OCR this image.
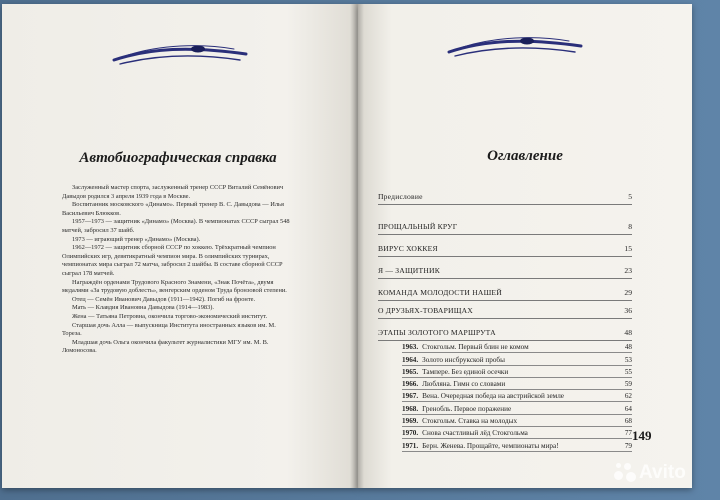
Автобиографическая справка

Заслуженный мастер спорта, заслуженный тренер СССР Виталий Семёнович Давыдов родился 3 апреля 1939 года в Москве.

Воспитанник московского «Динамо». Первый тренер В. С. Давыдова — Илья Васильевич Блюкков.

1957—1973 — защитник «Динамо» (Москва). В чемпионатах СССР сыграл 548 матчей, забросил 37 шайб.

1973 — играющий тренер «Динамо» (Москва).

1962—1972 — защитник сборной СССР по хоккею. Трёхкратный чемпион Олимпийских игр, девятикратный чемпион мира. В олимпийских турнирах, чемпионатах мира сыграл 72 матча, забросил 2 шайбы. В составе сборной СССР сыграл 178 матчей.

Награждён орденами Трудового Красного Знамени, «Знак Почёта», двумя медалями «За трудовую доблесть», венгерским орденом Труда бронзовой степени.

Отец — Семён Иванович Давыдов (1911—1942). Погиб на фронте.

Мать — Клавдия Ивановна Давыдова (1914—1983).

Жена — Татьяна Петровна, окончила торгово-экономический институт.

Старшая дочь Алла — выпускница Института иностранных языков им. М. Тореза.

Младшая дочь Ольга окончила факультет журналистики МГУ им. М. В. Ломоносова.

Оглавление
Предисловие	5
ПРОЩАЛЬНЫЙ КРУГ	8
ВИРУС ХОККЕЯ	15
Я — ЗАЩИТНИК	23
КОМАНДА МОЛОДОСТИ НАШЕЙ	29
О ДРУЗЬЯХ-ТОВАРИЩАХ	36
ЭТАПЫ ЗОЛОТОГО МАРШРУТА	48
1963. Стокгольм. Первый блин не комом	48
1964. Золото инсбрукской пробы	53
1965. Тампере. Без единой осечки	55
1966. Любляна. Гимн со словами	59
1967. Вена. Очередная победа на австрийской земле	62
1968. Гренобль. Первое поражение	64
1969. Стокгольм. Ставка на молодых	68
1970. Снова счастливый лёд Стокгольма	77
1971. Берн. Женева. Прощайте, чемпионаты мира!	79
149
Avito
